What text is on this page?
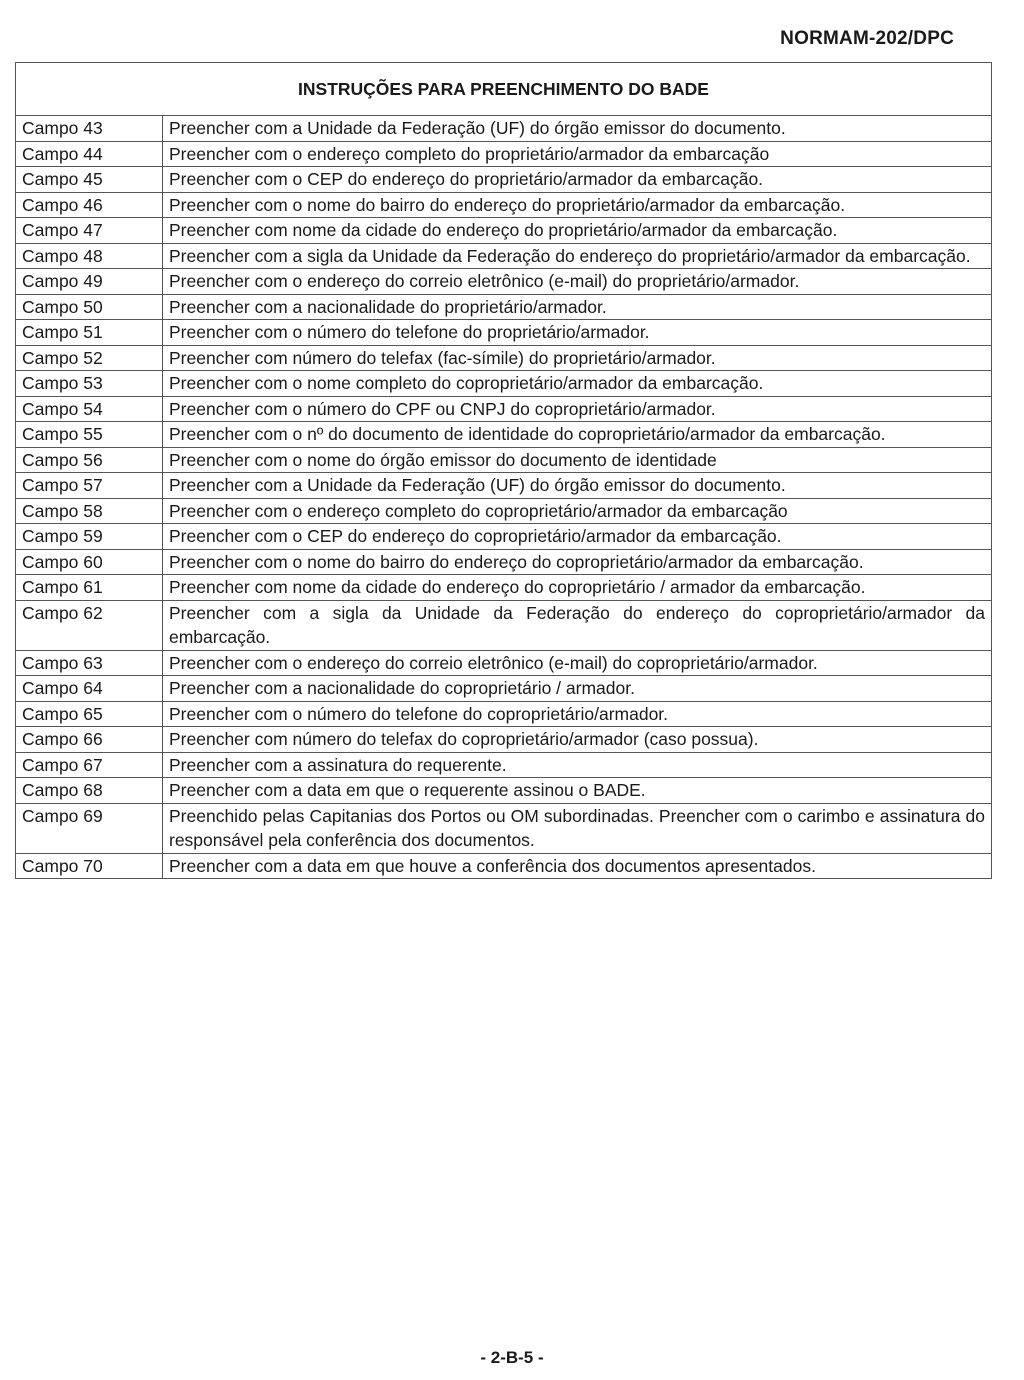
NORMAM-202/DPC
INSTRUÇÕES PARA PREENCHIMENTO DO BADE	
Campo 43	Preencher com a Unidade da Federação (UF) do órgão emissor do documento.
Campo 44	Preencher com o endereço completo do proprietário/armador da embarcação
Campo 45	Preencher com o CEP do endereço do proprietário/armador da embarcação.
Campo 46	Preencher com o nome do bairro do endereço do proprietário/armador da embarcação.
Campo 47	Preencher com nome da cidade do endereço do proprietário/armador da embarcação.
Campo 48	Preencher com a sigla da Unidade da Federação do endereço do proprietário/armador da embarcação.
Campo 49	Preencher com o endereço do correio eletrônico (e-mail) do proprietário/armador.
Campo 50	Preencher com a nacionalidade do proprietário/armador.
Campo 51	Preencher com o número do telefone do proprietário/armador.
Campo 52	Preencher com número do telefax (fac-símile) do proprietário/armador.
Campo 53	Preencher com o nome completo do coproprietário/armador da embarcação.
Campo 54	Preencher com o número do CPF ou CNPJ do coproprietário/armador.
Campo 55	Preencher com o nº do documento de identidade do coproprietário/armador da embarcação.
Campo 56	Preencher com o nome do órgão emissor do documento de identidade
Campo 57	Preencher com a Unidade da Federação (UF) do órgão emissor do documento.
Campo 58	Preencher com o endereço completo do coproprietário/armador da embarcação
Campo 59	Preencher com o CEP do endereço do coproprietário/armador da embarcação.
Campo 60	Preencher com o nome do bairro do endereço do coproprietário/armador da embarcação.
Campo 61	Preencher com nome da cidade do endereço do coproprietário / armador da embarcação.
Campo 62	Preencher com a sigla da Unidade da Federação do endereço do coproprietário/armador da embarcação.
Campo 63	Preencher com o endereço do correio eletrônico (e-mail) do coproprietário/armador.
Campo 64	Preencher com a nacionalidade do coproprietário / armador.
Campo 65	Preencher com o número do telefone do coproprietário/armador.
Campo 66	Preencher com número do telefax do coproprietário/armador (caso possua).
Campo 67	Preencher com a assinatura do requerente.
Campo 68	Preencher com a data em que o requerente assinou o BADE.
Campo 69	Preenchido pelas Capitanias dos Portos ou OM subordinadas. Preencher com o carimbo e assinatura do responsável pela conferência dos documentos.
Campo 70	Preencher com a data em que houve a conferência dos documentos apresentados.
- 2-B-5 -
